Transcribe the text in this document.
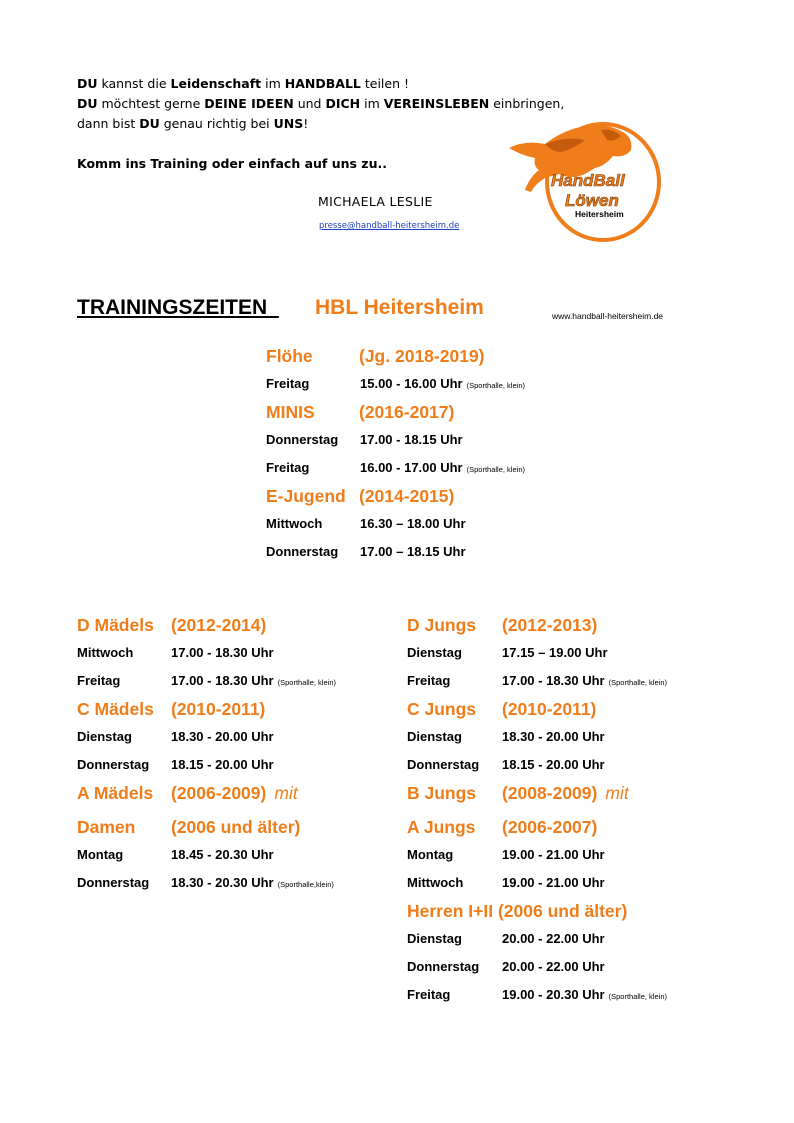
DU kannst die Leidenschaft im HANDBALL teilen !
DU möchtest gerne DEINE IDEEN und DICH im VEREINSLEBEN einbringen,
dann bist DU genau richtig bei UNS!
Komm ins Training oder einfach auf uns zu..
MICHAELA LESLIE
presse@handball-heitersheim.de
HandBall
Löwen
Heitersheim
TRAININGSZEITEN HBL Heitersheim	www.handball-heitersheim.de
Flöhe	(Jg. 2018-2019)
Freitag	15.00 - 16.00 Uhr (Sporthalle, klein)
MINIS	(2016-2017)
Donnerstag 17.00 - 18.15 Uhr
Freitag	16.00 - 17.00 Uhr (Sporthalle, klein)
E-Jugend (2014-2015)
Mittwoch	16.30 – 18.00 Uhr
Donnerstag 17.00 – 18.15 Uhr
D Mädels (2012-2014)
Mittwoch	17.00 - 18.30 Uhr
Freitag	17.00 - 18.30 Uhr (Sporthalle, klein)
C Mädels (2010-2011)
Dienstag	18.30 - 20.00 Uhr
Donnerstag 18.15 - 20.00 Uhr
A Mädels (2006-2009) mit
Damen (2006 und älter)
Montag	18.45 - 20.30 Uhr
Donnerstag 18.30 - 20.30 Uhr (Sporthalle,klein)
D Jungs (2012-2013)
Dienstag	17.15 – 19.00 Uhr
Freitag	17.00 - 18.30 Uhr (Sporthalle, klein)
C Jungs (2010-2011)
Dienstag	18.30 - 20.00 Uhr
Donnerstag 18.15 - 20.00 Uhr
B Jungs (2008-2009) mit
A Jungs (2006-2007)
Montag	19.00 - 21.00 Uhr
Mittwoch	19.00 - 21.00 Uhr
Herren I+II (2006 und älter)
Dienstag	20.00 - 22.00 Uhr
Donnerstag 20.00 - 22.00 Uhr
Freitag	19.00 - 20.30 Uhr (Sporthalle, klein)
